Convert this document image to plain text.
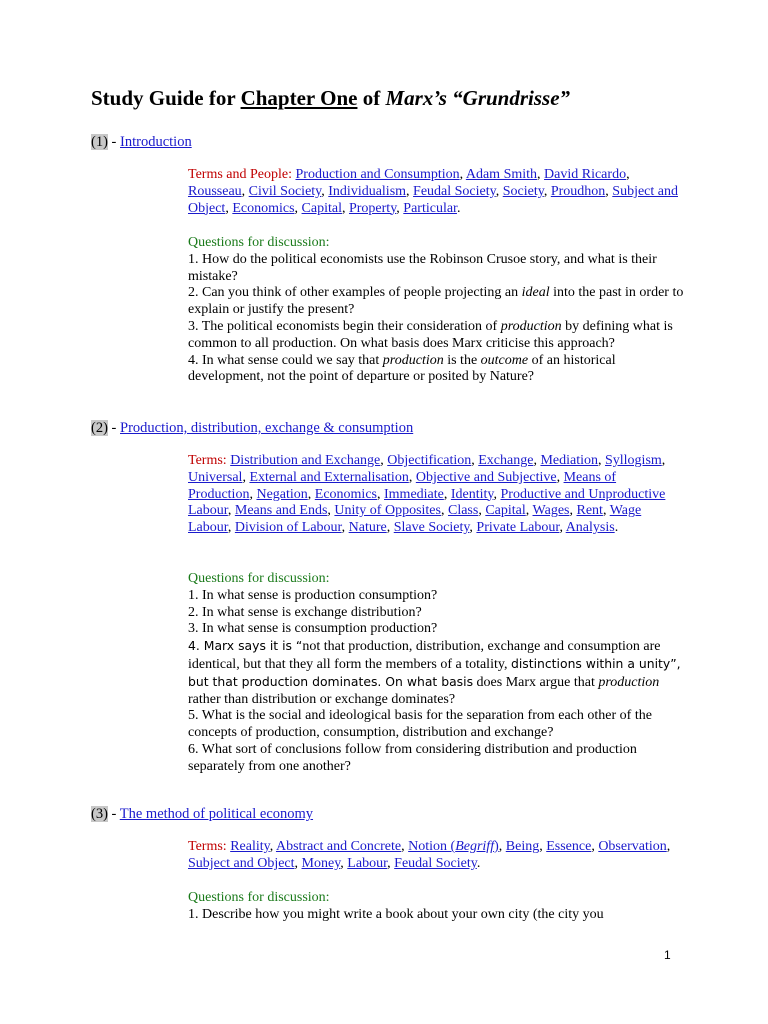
Study Guide for Chapter One of Marx’s “Grundrisse”
(1) - Introduction
Terms and People: Production and Consumption, Adam Smith, David Ricardo, Rousseau, Civil Society, Individualism, Feudal Society, Society, Proudhon, Subject and Object, Economics, Capital, Property, Particular.
Questions for discussion:
1. How do the political economists use the Robinson Crusoe story, and what is their mistake?
2. Can you think of other examples of people projecting an ideal into the past in order to explain or justify the present?
3. The political economists begin their consideration of production by defining what is common to all production. On what basis does Marx criticise this approach?
4. In what sense could we say that production is the outcome of an historical development, not the point of departure or posited by Nature?
(2) - Production, distribution, exchange & consumption
Terms: Distribution and Exchange, Objectification, Exchange, Mediation, Syllogism, Universal, External and Externalisation, Objective and Subjective, Means of Production, Negation, Economics, Immediate, Identity, Productive and Unproductive Labour, Means and Ends, Unity of Opposites, Class, Capital, Wages, Rent, Wage Labour, Division of Labour, Nature, Slave Society, Private Labour, Analysis.
Questions for discussion:
1. In what sense is production consumption?
2. In what sense is exchange distribution?
3. In what sense is consumption production?
4. Marx says it is “not that production, distribution, exchange and consumption are identical, but that they all form the members of a totality, distinctions within a unity”, but that production dominates. On what basis does Marx argue that production rather than distribution or exchange dominates?
5. What is the social and ideological basis for the separation from each other of the concepts of production, consumption, distribution and exchange?
6. What sort of conclusions follow from considering distribution and production separately from one another?
(3) - The method of political economy
Terms: Reality, Abstract and Concrete, Notion (Begriff), Being, Essence, Observation, Subject and Object, Money, Labour, Feudal Society.
Questions for discussion:
1. Describe how you might write a book about your own city (the city you
1
